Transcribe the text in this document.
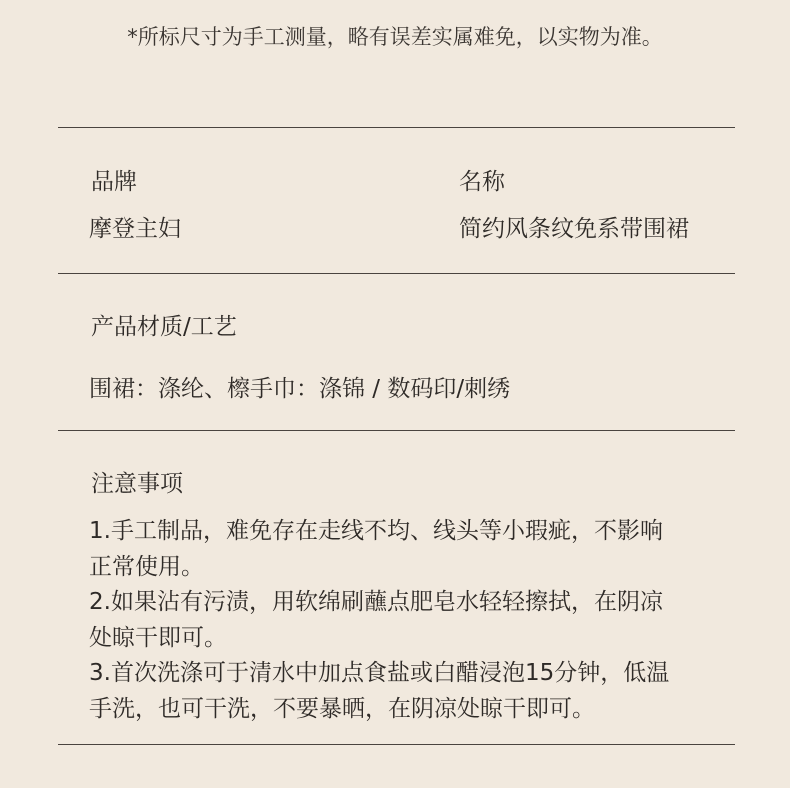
*所标尺寸为手工测量，略有误差实属难免，以实物为准。
品牌	名称
摩登主妇	简约风条纹免系带围裙
产品材质/工艺
围裙：涤纶、檫手巾：涤锦 / 数码印/刺绣
注意事项
1.手工制品，难免存在走线不均、线头等小瑕疵，不影响
正常使用。
2.如果沾有污渍，用软绵刷蘸点肥皂水轻轻擦拭，在阴凉
处晾干即可。
3.首次洗涤可于清水中加点食盐或白醋浸泡15分钟，低温
手洗，也可干洗，不要暴晒，在阴凉处晾干即可。
